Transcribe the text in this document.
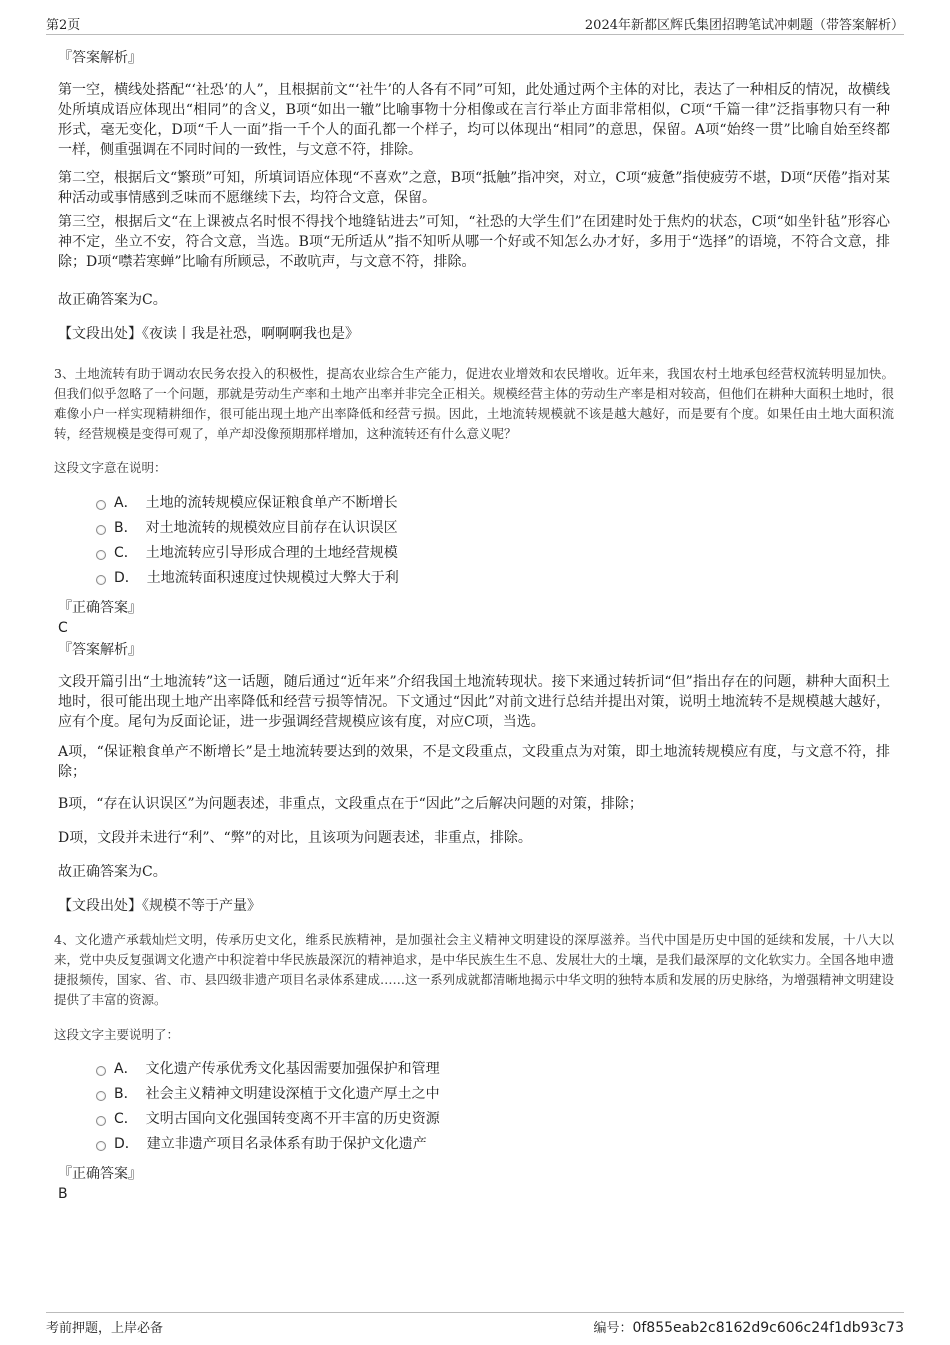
第2页	2024年新都区辉氏集团招聘笔试冲刺题（带答案解析）
『答案解析』
第一空，横线处搭配“‘社恐’的人”，且根据前文“‘社牛’的人各有不同”可知，此处通过两个主体的对比，表达了一种相反的情况，故横线处所填成语应体现出“相同”的含义，B项“如出一辙”比喻事物十分相像或在言行举止方面非常相似，C项“千篇一律”泛指事物只有一种形式，毫无变化，D项“千人一面”指一千个人的面孔都一个样子，均可以体现出“相同”的意思，保留。A项“始终一贯”比喻自始至终都一样，侧重强调在不同时间的一致性，与文意不符，排除。
第二空，根据后文“繁琐”可知，所填词语应体现“不喜欢”之意，B项“抵触”指冲突，对立，C项“疲惫”指使疲劳不堪，D项“厌倦”指对某种活动或事情感到乏味而不愿继续下去，均符合文意，保留。
第三空，根据后文“在上课被点名时恨不得找个地缝钻进去”可知，“社恐的大学生们”在团建时处于焦灼的状态，C项“如坐针毡”形容心神不定，坐立不安，符合文意，当选。B项“无所适从”指不知听从哪一个好或不知怎么办才好，多用于“选择”的语境，不符合文意，排除；D项“噤若寒蝉”比喻有所顾忌，不敢吭声，与文意不符，排除。
故正确答案为C。
【文段出处】《夜读丨我是社恐，啊啊啊我也是》
3、土地流转有助于调动农民务农投入的积极性，提高农业综合生产能力，促进农业增效和农民增收。近年来，我国农村土地承包经营权流转明显加快。但我们似乎忽略了一个问题，那就是劳动生产率和土地产出率并非完全正相关。规模经营主体的劳动生产率是相对较高，但他们在耕种大面积土地时，很难像小户一样实现精耕细作，很可能出现土地产出率降低和经营亏损。因此，土地流转规模就不该是越大越好，而是要有个度。如果任由土地大面积流转，经营规模是变得可观了，单产却没像预期那样增加，这种流转还有什么意义呢？
这段文字意在说明：
A． 土地的流转规模应保证粮食单产不断增长
B． 对土地流转的规模效应目前存在认识误区
C． 土地流转应引导形成合理的土地经营规模
D． 土地流转面积速度过快规模过大弊大于利
『正确答案』
C
『答案解析』
文段开篇引出“土地流转”这一话题，随后通过“近年来”介绍我国土地流转现状。接下来通过转折词“但”指出存在的问题，耕种大面积土地时，很可能出现土地产出率降低和经营亏损等情况。下文通过“因此”对前文进行总结并提出对策，说明土地流转不是规模越大越好，应有个度。尾句为反面论证，进一步强调经营规模应该有度，对应C项，当选。
A项，“保证粮食单产不断增长”是土地流转要达到的效果，不是文段重点，文段重点为对策，即土地流转规模应有度，与文意不符，排除；
B项，“存在认识误区”为问题表述，非重点，文段重点在于“因此”之后解决问题的对策，排除；
D项，文段并未进行“利”、“弊”的对比，且该项为问题表述，非重点，排除。
故正确答案为C。
【文段出处】《规模不等于产量》
4、文化遗产承载灿烂文明，传承历史文化，维系民族精神，是加强社会主义精神文明建设的深厚滋养。当代中国是历史中国的延续和发展，十八大以来，党中央反复强调文化遗产中积淀着中华民族最深沉的精神追求，是中华民族生生不息、发展壮大的土壤，是我们最深厚的文化软实力。全国各地申遗捷报频传，国家、省、市、县四级非遗产项目名录体系建成……这一系列成就都清晰地揭示中华文明的独特本质和发展的历史脉络，为增强精神文明建设提供了丰富的资源。
这段文字主要说明了：
A． 文化遗产传承优秀文化基因需要加强保护和管理
B． 社会主义精神文明建设深植于文化遗产厚土之中
C． 文明古国向文化强国转变离不开丰富的历史资源
D． 建立非遗产项目名录体系有助于保护文化遗产
『正确答案』
B
考前押题，上岸必备	编号：0f855eab2c8162d9c606c24f1db93c73
